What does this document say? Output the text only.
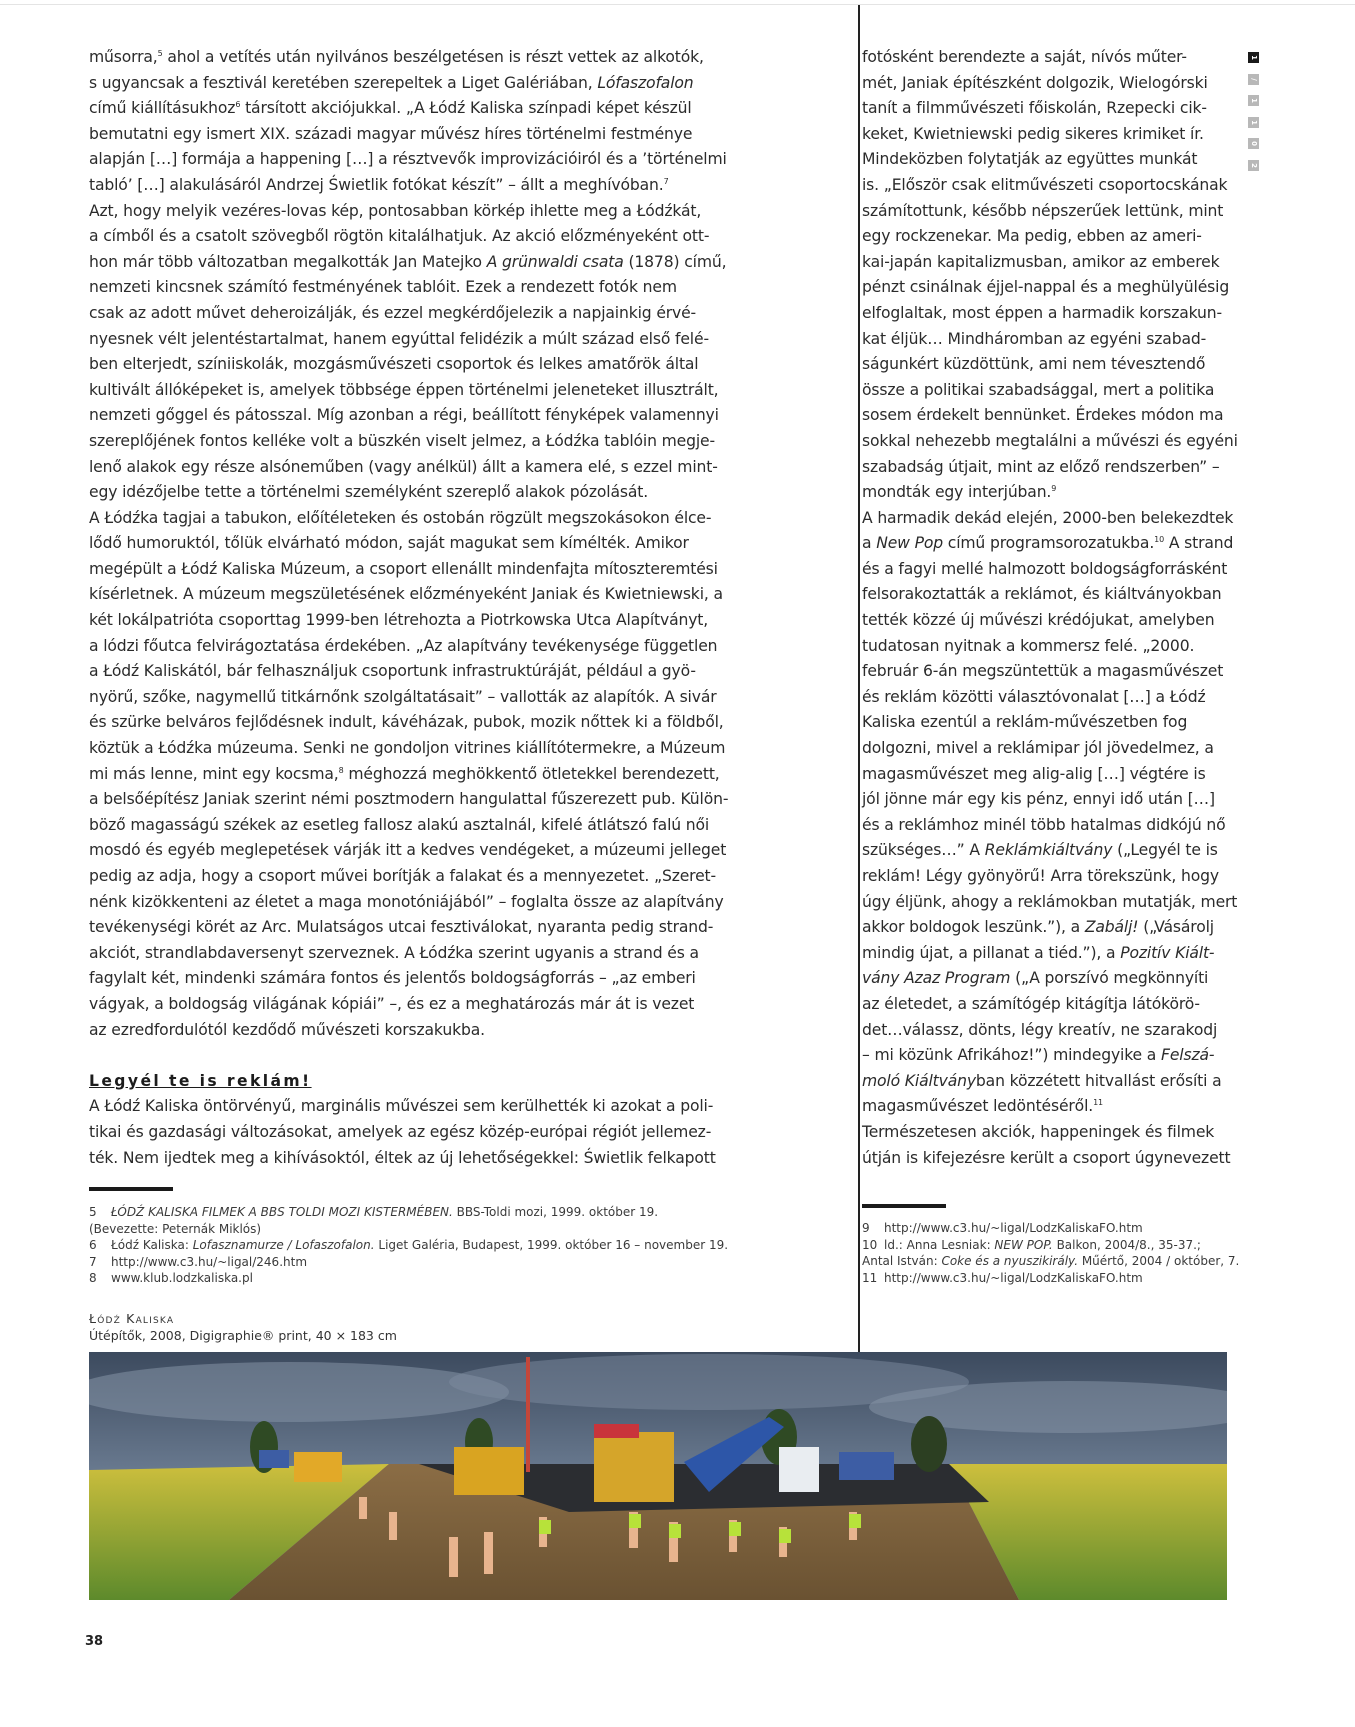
műsorra,$^5$ ahol a vetítés után nyilvános beszélgetésen is részt vettek az alkotók,
s ugyancsak a fesztivál keretében szerepeltek a Liget Galériában, Lófaszofalon
című kiállításukhoz$^6$ társított akciójukkal. „A Łódź Kaliska színpadi képet készül
bemutatni egy ismert XIX. századi magyar művész híres történelmi festménye
alapján […] formája a happening […] a résztvevők improvizációiról és a ’történelmi
tabló’ […] alakulásáról Andrzej Świetlik fotókat készít” – állt a meghívóban.$^7$
Azt, hogy melyik vezéres-lovas kép, pontosabban körkép ihlette meg a Łódźkát,
a címből és a csatolt szövegből rögtön kitalálhatjuk. Az akció előzményeként ott-
hon már több változatban megalkották Jan Matejko A grünwaldi csata (1878) című,
nemzeti kincsnek számító festményének tablóit. Ezek a rendezett fotók nem
csak az adott művet deheroizálják, és ezzel megkérdőjelezik a napjainkig érvé-
nyesnek vélt jelentéstartalmat, hanem egyúttal felidézik a múlt század első felé-
ben elterjedt, színiiskolák, mozgásművészeti csoportok és lelkes amatőrök által
kultivált állóképeket is, amelyek többsége éppen történelmi jeleneteket illusztrált,
nemzeti gőggel és pátosszal. Míg azonban a régi, beállított fényképek valamennyi
szereplőjének fontos kelléke volt a büszkén viselt jelmez, a Łódźka tablóin megje-
lenő alakok egy része alsóneműben (vagy anélkül) állt a kamera elé, s ezzel mint-
egy idézőjelbe tette a történelmi személyként szereplő alakok pózolását.
A Łódźka tagjai a tabukon, előítéleteken és ostobán rögzült megszokásokon élce-
lődő humoruktól, tőlük elvárható módon, saját magukat sem kímélték. Amikor
megépült a Łódź Kaliska Múzeum, a csoport ellenállt mindenfajta mítoszteremtési
kísérletnek. A múzeum megszületésének előzményeként Janiak és Kwietniewski, a
két lokálpatrióta csoporttag 1999-ben létrehozta a Piotrkowska Utca Alapítványt,
a lódzi főutca felvirágoztatása érdekében. „Az alapítvány tevékenysége független
a Łódź Kaliskától, bár felhasználjuk csoportunk infrastruktúráját, például a gyö-
nyörű, szőke, nagymellű titkárnőnk szolgáltatásait” – vallották az alapítók. A sivár
és szürke belváros fejlődésnek indult, kávéházak, pubok, mozik nőttek ki a földből,
köztük a Łódźka múzeuma. Senki ne gondoljon vitrines kiállítótermekre, a Múzeum
mi más lenne, mint egy kocsma,$^8$ méghozzá meghökkentő ötletekkel berendezett,
a belsőépítész Janiak szerint némi posztmodern hangulattal fűszerezett pub. Külön-
böző magasságú székek az esetleg fallosz alakú asztalnál, kifelé átlátszó falú női
mosdó és egyéb meglepetések várják itt a kedves vendégeket, a múzeumi jelleget
pedig az adja, hogy a csoport művei borítják a falakat és a mennyezetet. „Szeret-
nénk kizökkenteni az életet a maga monotóniájából” – foglalta össze az alapítvány
tevékenységi körét az Arc. Mulatságos utcai fesztiválokat, nyaranta pedig strand-
akciót, strandlabdaversenyt szerveznek. A Łódźka szerint ugyanis a strand és a
fagylalt két, mindenki számára fontos és jelentős boldogságforrás – „az emberi
vágyak, a boldogság világának kópiái” –, és ez a meghatározás már át is vezet
az ezredfordulótól kezdődő művészeti korszakukba.
Legyél te is reklám!
A Łódź Kaliska öntörvényű, marginális művészei sem kerülhették ki azokat a poli-
tikai és gazdasági változásokat, amelyek az egész közép-európai régiót jellemez-
ték. Nem ijedtek meg a kihívásoktól, éltek az új lehetőségekkel: Świetlik felkapott
fotósként berendezte a saját, nívós műter-
mét, Janiak építészként dolgozik, Wielogórski
tanít a filmművészeti főiskolán, Rzepecki cik-
keket, Kwietniewski pedig sikeres krimiket ír.
Mindeközben folytatják az együttes munkát
is. „Először csak elitművészeti csoportocskának
számítottunk, később népszerűek lettünk, mint
egy rockzenekar. Ma pedig, ebben az ameri-
kai-japán kapitalizmusban, amikor az emberek
pénzt csinálnak éjjel-nappal és a meghülyülésig
elfoglaltak, most éppen a harmadik korszakun-
kat éljük… Mindháromban az egyéni szabad-
ságunkért küzdöttünk, ami nem tévesztendő
össze a politikai szabadsággal, mert a politika
sosem érdekelt bennünket. Érdekes módon ma
sokkal nehezebb megtalálni a művészi és egyéni
szabadság útjait, mint az előző rendszerben” –
mondták egy interjúban.$^9$
A harmadik dekád elején, 2000-ben belekezdtek
a New Pop című programsorozatukba.$^{10}$ A strand
és a fagyi mellé halmozott boldogságforrásként
felsorakoztatták a reklámot, és kiáltványokban
tették közzé új művészi krédójukat, amelyben
tudatosan nyitnak a kommersz felé. „2000.
február 6-án megszüntettük a magasművészet
és reklám közötti választóvonalat […] a Łódź
Kaliska ezentúl a reklám-művészetben fog
dolgozni, mivel a reklámipar jól jövedelmez, a
magasművészet meg alig-alig […] végtére is
jól jönne már egy kis pénz, ennyi idő után […]
és a reklámhoz minél több hatalmas didkójú nő
szükséges…” A Reklámkiáltvány („Legyél te is
reklám! Légy gyönyörű! Arra törekszünk, hogy
úgy éljünk, ahogy a reklámokban mutatják, mert
akkor boldogok leszünk.”), a Zabálj! („Vásárolj
mindig újat, a pillanat a tiéd.”), a Pozitív Kiált-
vány Azaz Program („A porszívó megkönnyíti
az életedet, a számítógép kitágítja látókörö-
det…válassz, dönts, légy kreatív, ne szarakodj
– mi közünk Afrikához!”) mindegyike a Felszá-
moló Kiáltványban közzétett hitvallást erősíti a
magasművészet ledöntéséről.$^{11}$
Természetesen akciók, happeningek és filmek
útján is kifejezésre került a csoport úgynevezett
1
/
1
1
0
2
5 ŁÓDŹ KALISKA FILMEK A BBS TOLDI MOZI KISTERMÉBEN. BBS-Toldi mozi, 1999. október 19.
(Bevezette: Peternák Miklós)
6 Łódź Kaliska: Lofasznamurze / Lofaszofalon. Liget Galéria, Budapest, 1999. október 16 – november 19.
7 http://www.c3.hu/~ligal/246.htm
8 www.klub.lodzkaliska.pl
9 http://www.c3.hu/~ligal/LodzKaliskaFO.htm
10 ld.: Anna Lesniak: NEW POP. Balkon, 2004/8., 35-37.;
Antal István: Coke és a nyuszikirály. Műértő, 2004 / október, 7.
11 http://www.c3.hu/~ligal/LodzKaliskaFO.htm
Łódź Kaliska
Útépítők, 2008, Digigraphie® print, 40 × 183 cm
38
